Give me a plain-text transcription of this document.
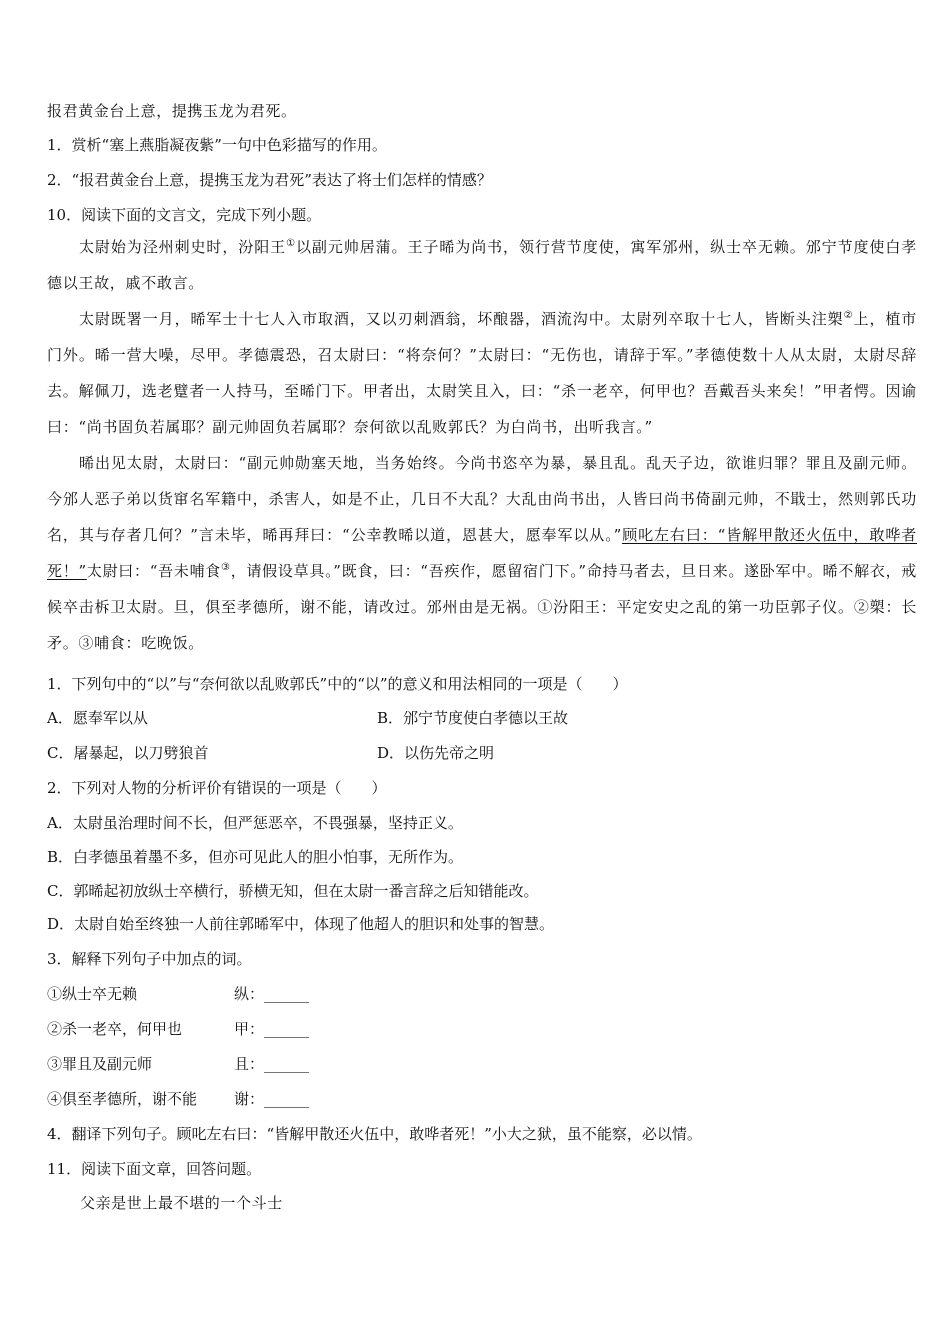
报君黄金台上意，提携玉龙为君死。
1．赏析“塞上燕脂凝夜紫”一句中色彩描写的作用。
2．“报君黄金台上意，提携玉龙为君死”表达了将士们怎样的情感？
10．阅读下面的文言文，完成下列小题。
太尉始为泾州刺史时，汾阳王①以副元帅居蒲。王子晞为尚书，领行营节度使，寓军邠州，纵士卒无赖。邠宁节度使白孝德以王故，戚不敢言。
太尉既署一月，晞军士十七人入市取酒，又以刃刺酒翁，坏酿器，酒流沟中。太尉列卒取十七人，皆断头注槊②上，植市门外。晞一营大噪，尽甲。孝德震恐，召太尉曰：“将奈何？”太尉曰：“无伤也，请辞于军。”孝德使数十人从太尉，太尉尽辞去。解佩刀，选老躄者一人持马，至晞门下。甲者出，太尉笑且入，曰：“杀一老卒，何甲也？吾戴吾头来矣！”甲者愕。因谕曰：“尚书固负若属耶？副元帅固负若属耶？奈何欲以乱败郭氏？为白尚书，出听我言。”
晞出见太尉，太尉曰：“副元帅勋塞天地，当务始终。今尚书恣卒为暴，暴且乱。乱天子边，欲谁归罪？罪且及副元师。今邠人恶子弟以货窜名军籍中，杀害人，如是不止，几日不大乱？大乱由尚书出，人皆曰尚书倚副元帅，不戢士，然则郭氏功名，其与存者几何？”言未毕，晞再拜曰：“公幸教晞以道，恩甚大，愿奉军以从。”顾叱左右曰：“皆解甲散还火伍中，敢哗者死！”太尉曰：“吾未哺食③，请假设草具。”既食，曰：“吾疾作，愿留宿门下。”命持马者去，旦日来。遂卧军中。晞不解衣，戒候卒击柝卫太尉。旦，俱至孝德所，谢不能，请改过。邠州由是无祸。①汾阳王：平定安史之乱的第一功臣郭子仪。②槊：长矛。③哺食：吃晚饭。
1．下列句中的“以”与“奈何欲以乱败郭氏”中的“以”的意义和用法相同的一项是（　　）
A．愿奉军以从	B．邠宁节度使白孝德以王故
C．屠暴起，以刀劈狼首	D．以伤先帝之明
2．下列对人物的分析评价有错误的一项是（　　）
A．太尉虽治理时间不长，但严惩恶卒，不畏强暴，坚持正义。
B．白孝德虽着墨不多，但亦可见此人的胆小怕事，无所作为。
C．郭晞起初放纵士卒横行，骄横无知，但在太尉一番言辞之后知错能改。
D．太尉自始至终独一人前往郭晞军中，体现了他超人的胆识和处事的智慧。
3．解释下列句子中加点的词。
①纵士卒无赖	纵：______
②杀一老卒，何甲也	甲：______
③罪且及副元师	且：______
④俱至孝德所，谢不能 谢：______
4．翻译下列句子。顾叱左右曰：“皆解甲散还火伍中，敢哗者死！”小大之狱，虽不能察，必以情。
11．阅读下面文章，回答问题。
父亲是世上最不堪的一个斗士
